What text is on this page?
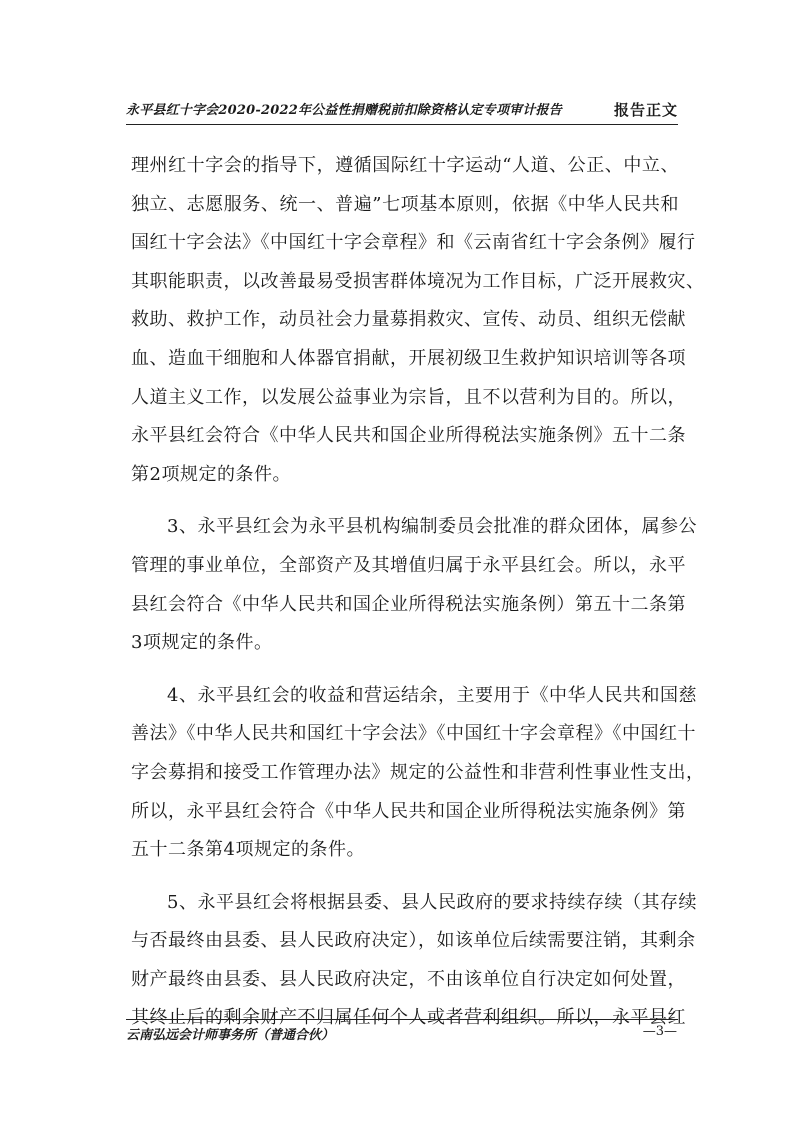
永平县红十字会2020-2022年公益性捐赠税前扣除资格认定专项审计报告	报告正文
理州红十字会的指导下，遵循国际红十字运动“人道、公正、中立、
独立、志愿服务、统一、普遍”七项基本原则，依据《中华人民共和
国红十字会法》《中国红十字会章程》和《云南省红十字会条例》履行
其职能职责，以改善最易受损害群体境况为工作目标，广泛开展救灾、
救助、救护工作，动员社会力量募捐救灾、宣传、动员、组织无偿献
血、造血干细胞和人体器官捐献，开展初级卫生救护知识培训等各项
人道主义工作，以发展公益事业为宗旨，且不以营利为目的。所以，
永平县红会符合《中华人民共和国企业所得税法实施条例》五十二条
第2项规定的条件。
3、永平县红会为永平县机构编制委员会批准的群众团体，属参公
管理的事业单位，全部资产及其增值归属于永平县红会。所以，永平
县红会符合《中华人民共和国企业所得税法实施条例）第五十二条第
3项规定的条件。
4、永平县红会的收益和营运结余，主要用于《中华人民共和国慈
善法》《中华人民共和国红十字会法》《中国红十字会章程》《中国红十
字会募捐和接受工作管理办法》规定的公益性和非营利性事业性支出，
所以，永平县红会符合《中华人民共和国企业所得税法实施条例》第
五十二条第4项规定的条件。
5、永平县红会将根据县委、县人民政府的要求持续存续（其存续
与否最终由县委、县人民政府决定），如该单位后续需要注销，其剩余
财产最终由县委、县人民政府决定，不由该单位自行决定如何处置，
其终止后的剩余财产不归属任何个人或者营利组织。所以，永平县红
云南弘远会计师事务所（普通合伙）	—3—
